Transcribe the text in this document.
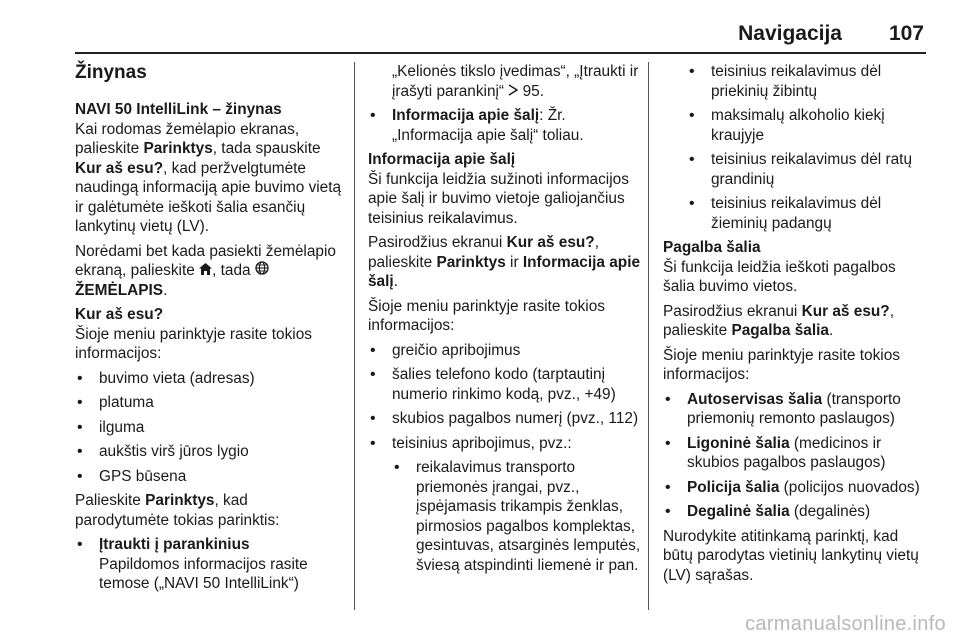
Navigacija 107
Žinynas

NAVI 50 IntelliLink – žinynas

Kai rodomas žemėlapio ekranas, palieskite Parinktys, tada spauskite Kur aš esu?, kad peržvelgtumėte naudingą informaciją apie buvimo vietą ir galėtumėte ieškoti šalia esančių lankytinų vietų (LV).

Norėdami bet kada pasiekti žemėlapio ekraną, palieskite , tada ŽEMĖLAPIS.

Kur aš esu?

Šioje meniu parinktyje rasite tokios informacijos:

• buvimo vieta (adresas)
• platuma
• ilguma
• aukštis virš jūros lygio
• GPS būsena

Palieskite Parinktys, kad parodytumėte tokias parinktis:

• Įtraukti į parankinius
Papildomos informacijos rasite temose („NAVI 50 IntelliLink“)

„Kelionės tikslo įvedimas“, „Įtraukti ir įrašyti parankinį“  95.

• Informacija apie šalį: Žr. „Informacija apie šalį“ toliau.

Informacija apie šalį

Ši funkcija leidžia sužinoti informacijos apie šalį ir buvimo vietoje galiojančius teisinius reikalavimus.

Pasirodžius ekranui Kur aš esu?, palieskite Parinktys ir Informacija apie šalį.

Šioje meniu parinktyje rasite tokios informacijos:

• greičio apribojimus
• šalies telefono kodo (tarptautinį numerio rinkimo kodą, pvz., +49)
• skubios pagalbos numerį (pvz., 112)
• teisinius apribojimus, pvz.:
• reikalavimus transporto priemonės įrangai, pvz., įspėjamasis trikampis ženklas, pirmosios pagalbos komplektas, gesintuvas, atsarginės lemputės, šviesą atspindinti liemenė ir pan.
• teisinius reikalavimus dėl priekinių žibintų
• maksimalų alkoholio kiekį kraujyje
• teisinius reikalavimus dėl ratų grandinių
• teisinius reikalavimus dėl žieminių padangų

Pagalba šalia

Ši funkcija leidžia ieškoti pagalbos šalia buvimo vietos.

Pasirodžius ekranui Kur aš esu?, palieskite Pagalba šalia.

Šioje meniu parinktyje rasite tokios informacijos:

• Autoservisas šalia (transporto priemonių remonto paslaugos)
• Ligoninė šalia (medicinos ir skubios pagalbos paslaugos)
• Policija šalia (policijos nuovados)
• Degalinė šalia (degalinės)

Nurodykite atitinkamą parinktį, kad būtų parodytas vietinių lankytinų vietų (LV) sąrašas.

carmanualsonline.info
